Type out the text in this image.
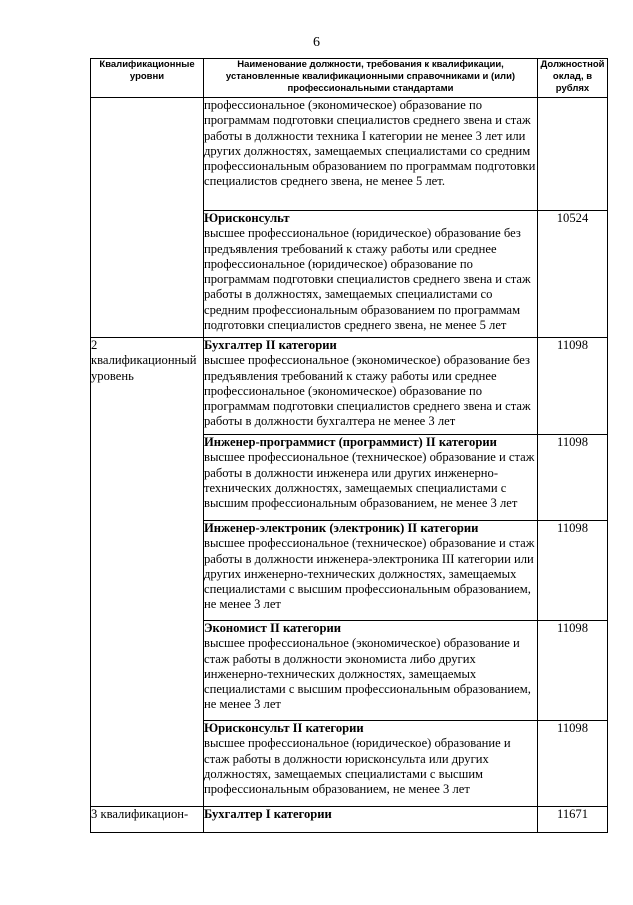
6
Квалификационные уровни	Наименование должности, требования к квалификации, установленные квалификационными справочниками и (или) профессиональными стандартами	Должностной оклад, в рублях

	профессиональное (экономическое) образование по программам подготовки специалистов среднего звена и стаж работы в должности техника I категории не менее 3 лет или других должностях, замещаемых специалистами со средним профессиональным образованием по программам подготовки специалистов среднего звена, не менее 5 лет.	

	Юрисконсульт
высшее профессиональное (юридическое) образование без предъявления требований к стажу работы или среднее профессиональное (юридическое) образование по программам подготовки специалистов среднего звена и стаж работы в должностях, замещаемых специалистами со средним профессиональным образованием по программам подготовки специалистов среднего звена, не менее 5 лет	10524
2 квалификационный уровень	Бухгалтер II категории
высшее профессиональное (экономическое) образование без предъявления требований к стажу работы или среднее профессиональное (экономическое) образование по программам подготовки специалистов среднего звена и стаж работы в должности бухгалтера не менее 3 лет	11098

	Инженер-программист (программист) II категории
высшее профессиональное (техническое) образование и стаж работы в должности инженера или других инженерно-технических должностях, замещаемых специалистами с высшим профессиональным образованием, не менее 3 лет	11098

	Инженер-электроник (электроник) II категории
высшее профессиональное (техническое) образование и стаж работы в должности инженера-электроника III категории или других инженерно-технических должностях, замещаемых специалистами с высшим профессиональным образованием, не менее 3 лет	11098

	Экономист II категории
высшее профессиональное (экономическое) образование и стаж работы в должности экономиста либо других инженерно-технических должностях, замещаемых специалистами с высшим профессиональным образованием, не менее 3 лет	11098

	Юрисконсульт II категории
высшее профессиональное (юридическое) образование и стаж работы в должности юрисконсульта или других должностях, замещаемых специалистами с высшим профессиональным образованием, не менее 3 лет	11098
3 квалификацион-	Бухгалтер I категории	11671
